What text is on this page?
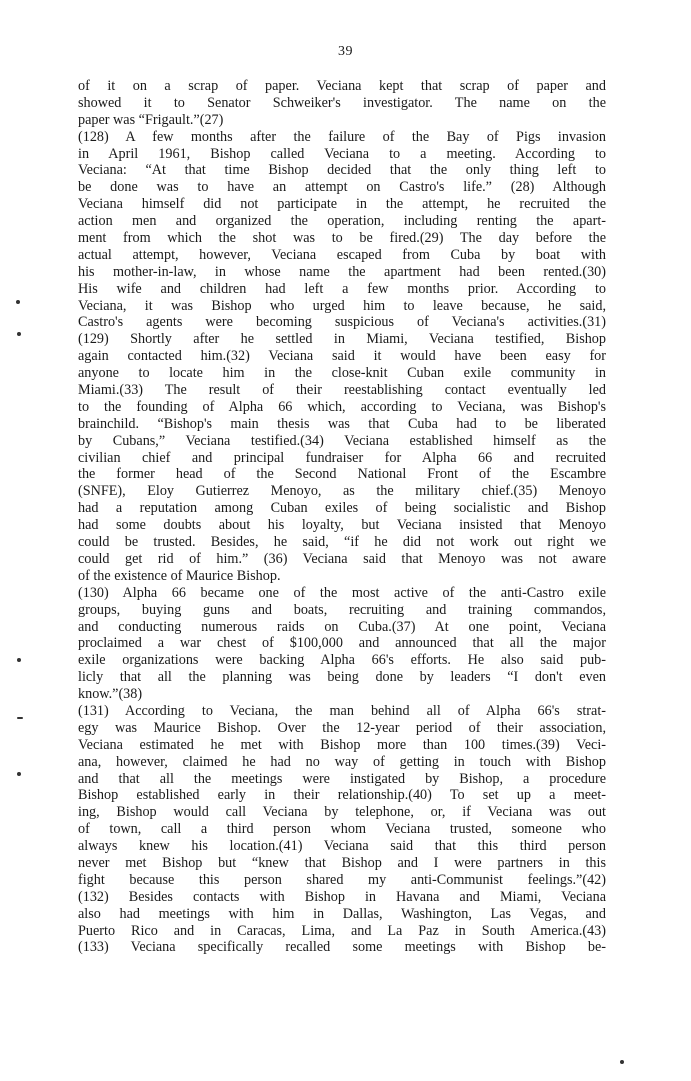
39
of it on a scrap of paper. Veciana kept that scrap of paper and
showed it to Senator Schweiker's investigator. The name on the
paper was “Frigault.”(27)
(128) A few months after the failure of the Bay of Pigs invasion
in April 1961, Bishop called Veciana to a meeting. According to
Veciana: “At that time Bishop decided that the only thing left to
be done was to have an attempt on Castro's life.” (28) Although
Veciana himself did not participate in the attempt, he recruited the
action men and organized the operation, including renting the apart-
ment from which the shot was to be fired.(29) The day before the
actual attempt, however, Veciana escaped from Cuba by boat with
his mother-in-law, in whose name the apartment had been rented.(30)
His wife and children had left a few months prior. According to
Veciana, it was Bishop who urged him to leave because, he said,
Castro's agents were becoming suspicious of Veciana's activities.(31)
(129) Shortly after he settled in Miami, Veciana testified, Bishop
again contacted him.(32) Veciana said it would have been easy for
anyone to locate him in the close-knit Cuban exile community in
Miami.(33) The result of their reestablishing contact eventually led
to the founding of Alpha 66 which, according to Veciana, was Bishop's
brainchild. “Bishop's main thesis was that Cuba had to be liberated
by Cubans,” Veciana testified.(34) Veciana established himself as the
civilian chief and principal fundraiser for Alpha 66 and recruited
the former head of the Second National Front of the Escambre
(SNFE), Eloy Gutierrez Menoyo, as the military chief.(35) Menoyo
had a reputation among Cuban exiles of being socialistic and Bishop
had some doubts about his loyalty, but Veciana insisted that Menoyo
could be trusted. Besides, he said, “if he did not work out right we
could get rid of him.” (36) Veciana said that Menoyo was not aware
of the existence of Maurice Bishop.
(130) Alpha 66 became one of the most active of the anti-Castro exile
groups, buying guns and boats, recruiting and training commandos,
and conducting numerous raids on Cuba.(37) At one point, Veciana
proclaimed a war chest of $100,000 and announced that all the major
exile organizations were backing Alpha 66's efforts. He also said pub-
licly that all the planning was being done by leaders “I don't even
know.”(38)
(131) According to Veciana, the man behind all of Alpha 66's strat-
egy was Maurice Bishop. Over the 12-year period of their association,
Veciana estimated he met with Bishop more than 100 times.(39) Veci-
ana, however, claimed he had no way of getting in touch with Bishop
and that all the meetings were instigated by Bishop, a procedure
Bishop established early in their relationship.(40) To set up a meet-
ing, Bishop would call Veciana by telephone, or, if Veciana was out
of town, call a third person whom Veciana trusted, someone who
always knew his location.(41) Veciana said that this third person
never met Bishop but “knew that Bishop and I were partners in this
fight because this person shared my anti-Communist feelings.”(42)
(132) Besides contacts with Bishop in Havana and Miami, Veciana
also had meetings with him in Dallas, Washington, Las Vegas, and
Puerto Rico and in Caracas, Lima, and La Paz in South America.(43)
(133) Veciana specifically recalled some meetings with Bishop be-
